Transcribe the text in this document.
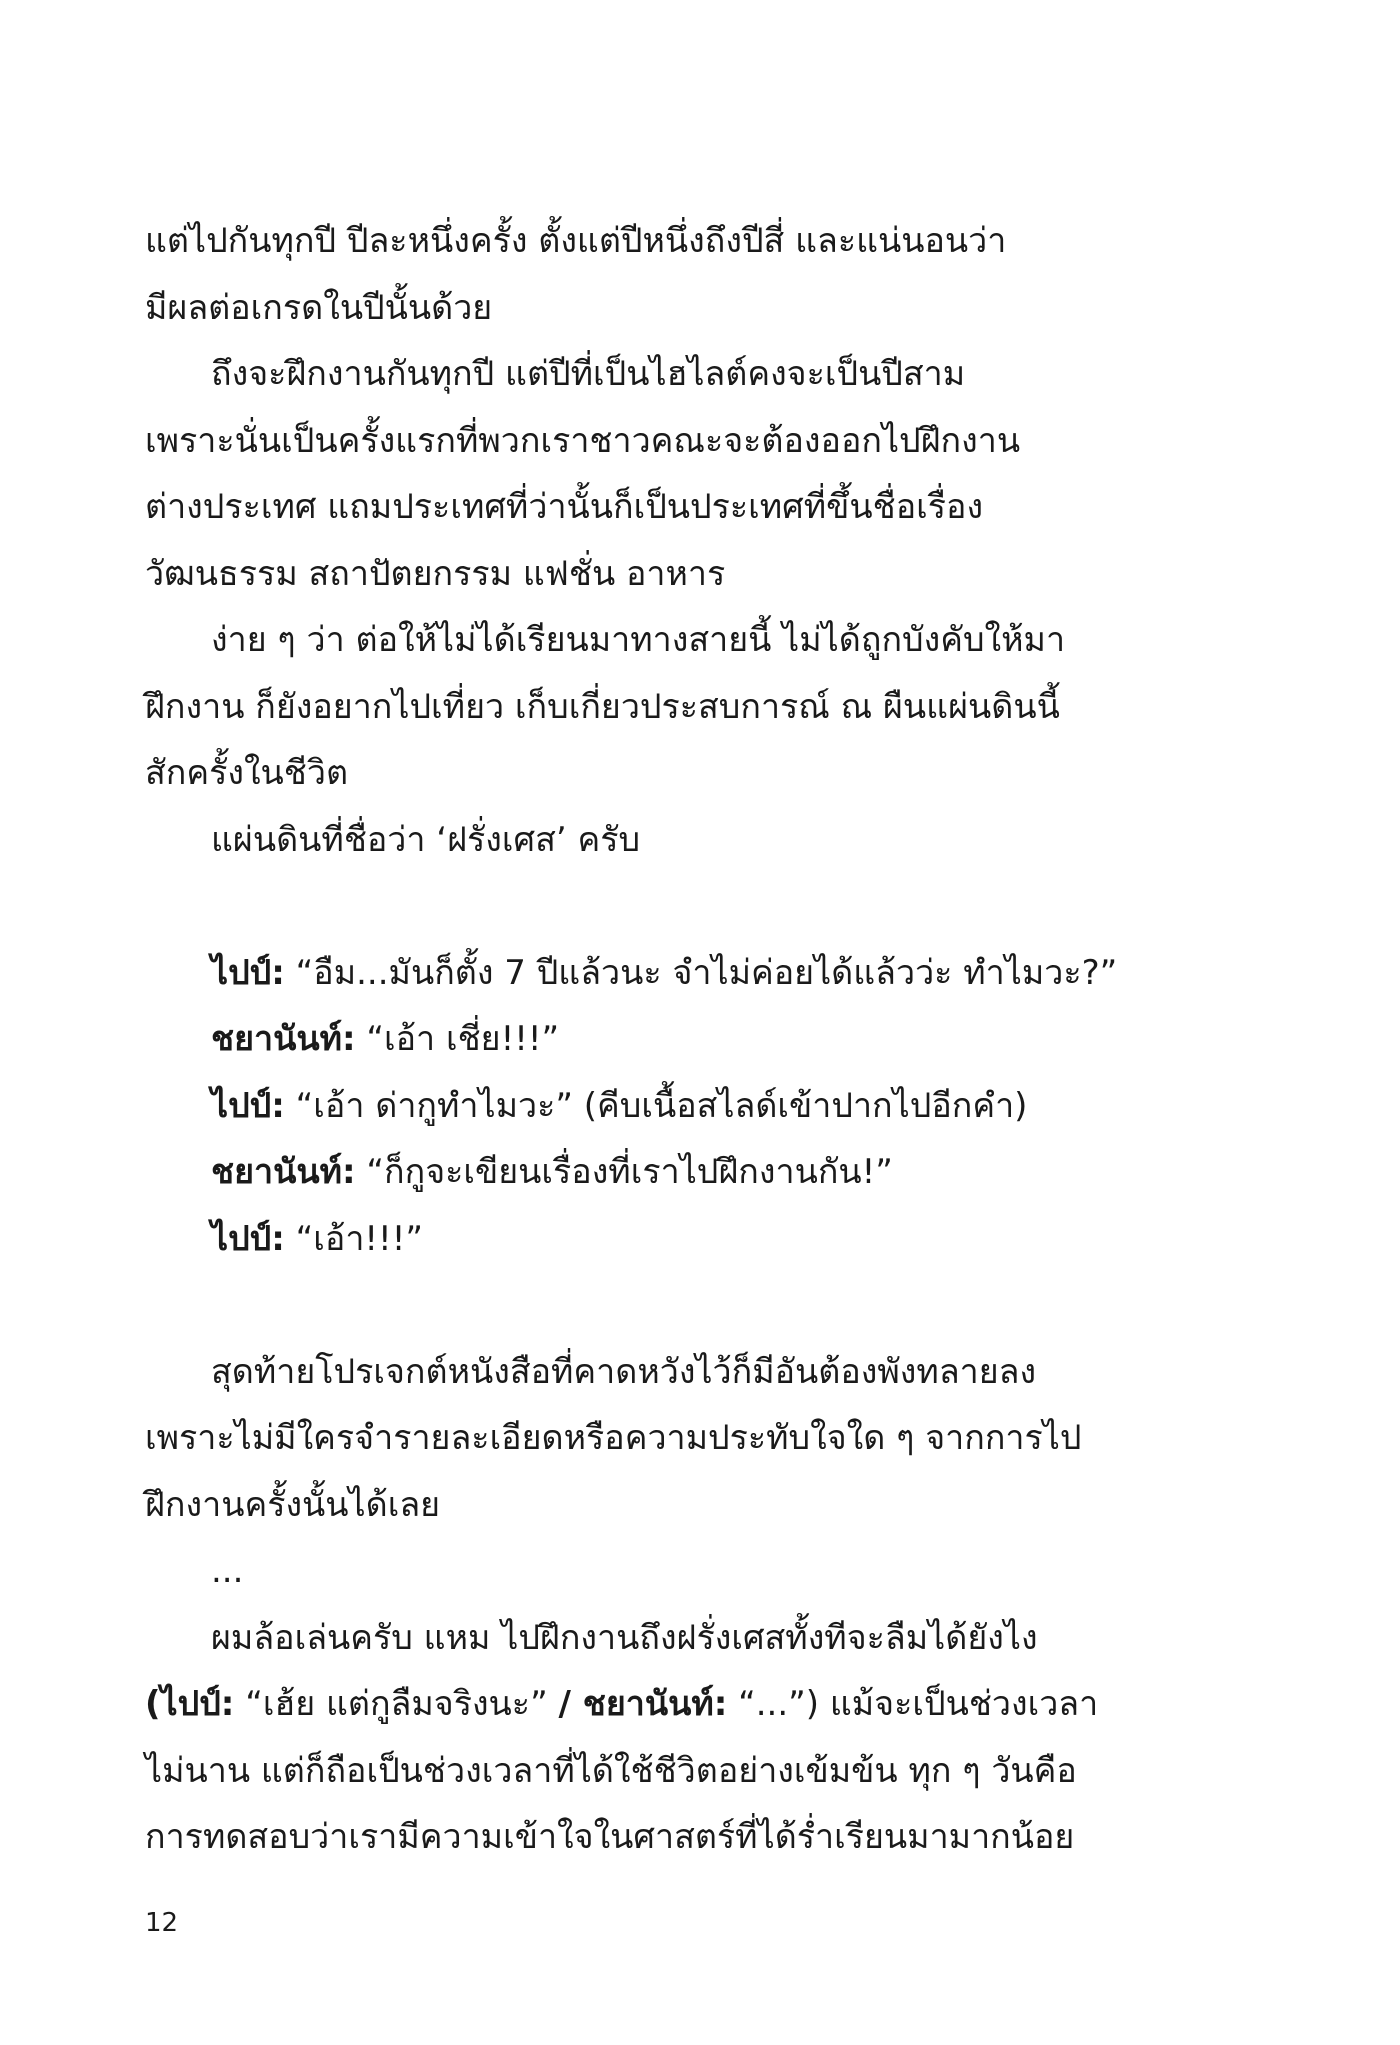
แต่ไปกันทุกปี ปีละหนึ่งครั้ง ตั้งแต่ปีหนึ่งถึงปีสี่ และแน่นอนว่า

มีผลต่อเกรดในปีนั้นด้วย

ถึงจะฝึกงานกันทุกปี แต่ปีที่เป็นไฮไลต์คงจะเป็นปีสาม

เพราะนั่นเป็นครั้งแรกที่พวกเราชาวคณะจะต้องออกไปฝึกงาน

ต่างประเทศ แถมประเทศที่ว่านั้นก็เป็นประเทศที่ขึ้นชื่อเรื่อง

วัฒนธรรม สถาปัตยกรรม แฟชั่น อาหาร

ง่าย ๆ ว่า ต่อให้ไม่ได้เรียนมาทางสายนี้ ไม่ได้ถูกบังคับให้มา

ฝึกงาน ก็ยังอยากไปเที่ยว เก็บเกี่ยวประสบการณ์ ณ ผืนแผ่นดินนี้

สักครั้งในชีวิต

แผ่นดินที่ชื่อว่า ‘ฝรั่งเศส’ ครับ

ไปป์: “อืม...มันก็ตั้ง 7 ปีแล้วนะ จำไม่ค่อยได้แล้วว่ะ ทำไมวะ?”

ชยานันท์: “เอ้า เชี่ย!!!”

ไปป์: “เอ้า ด่ากูทำไมวะ” (คีบเนื้อสไลด์เข้าปากไปอีกคำ)

ชยานันท์: “ก็กูจะเขียนเรื่องที่เราไปฝึกงานกัน!”

ไปป์: “เอ้า!!!”

สุดท้ายโปรเจกต์หนังสือที่คาดหวังไว้ก็มีอันต้องพังทลายลง

เพราะไม่มีใครจำรายละเอียดหรือความประทับใจใด ๆ จากการไป

ฝึกงานครั้งนั้นได้เลย

...

ผมล้อเล่นครับ แหม ไปฝึกงานถึงฝรั่งเศสทั้งทีจะลืมได้ยังไง

(ไปป์: “เฮ้ย แต่กูลืมจริงนะ” / ชยานันท์: “...”) แม้จะเป็นช่วงเวลา

ไม่นาน แต่ก็ถือเป็นช่วงเวลาที่ได้ใช้ชีวิตอย่างเข้มข้น ทุก ๆ วันคือ

การทดสอบว่าเรามีความเข้าใจในศาสตร์ที่ได้ร่ำเรียนมามากน้อย

12
